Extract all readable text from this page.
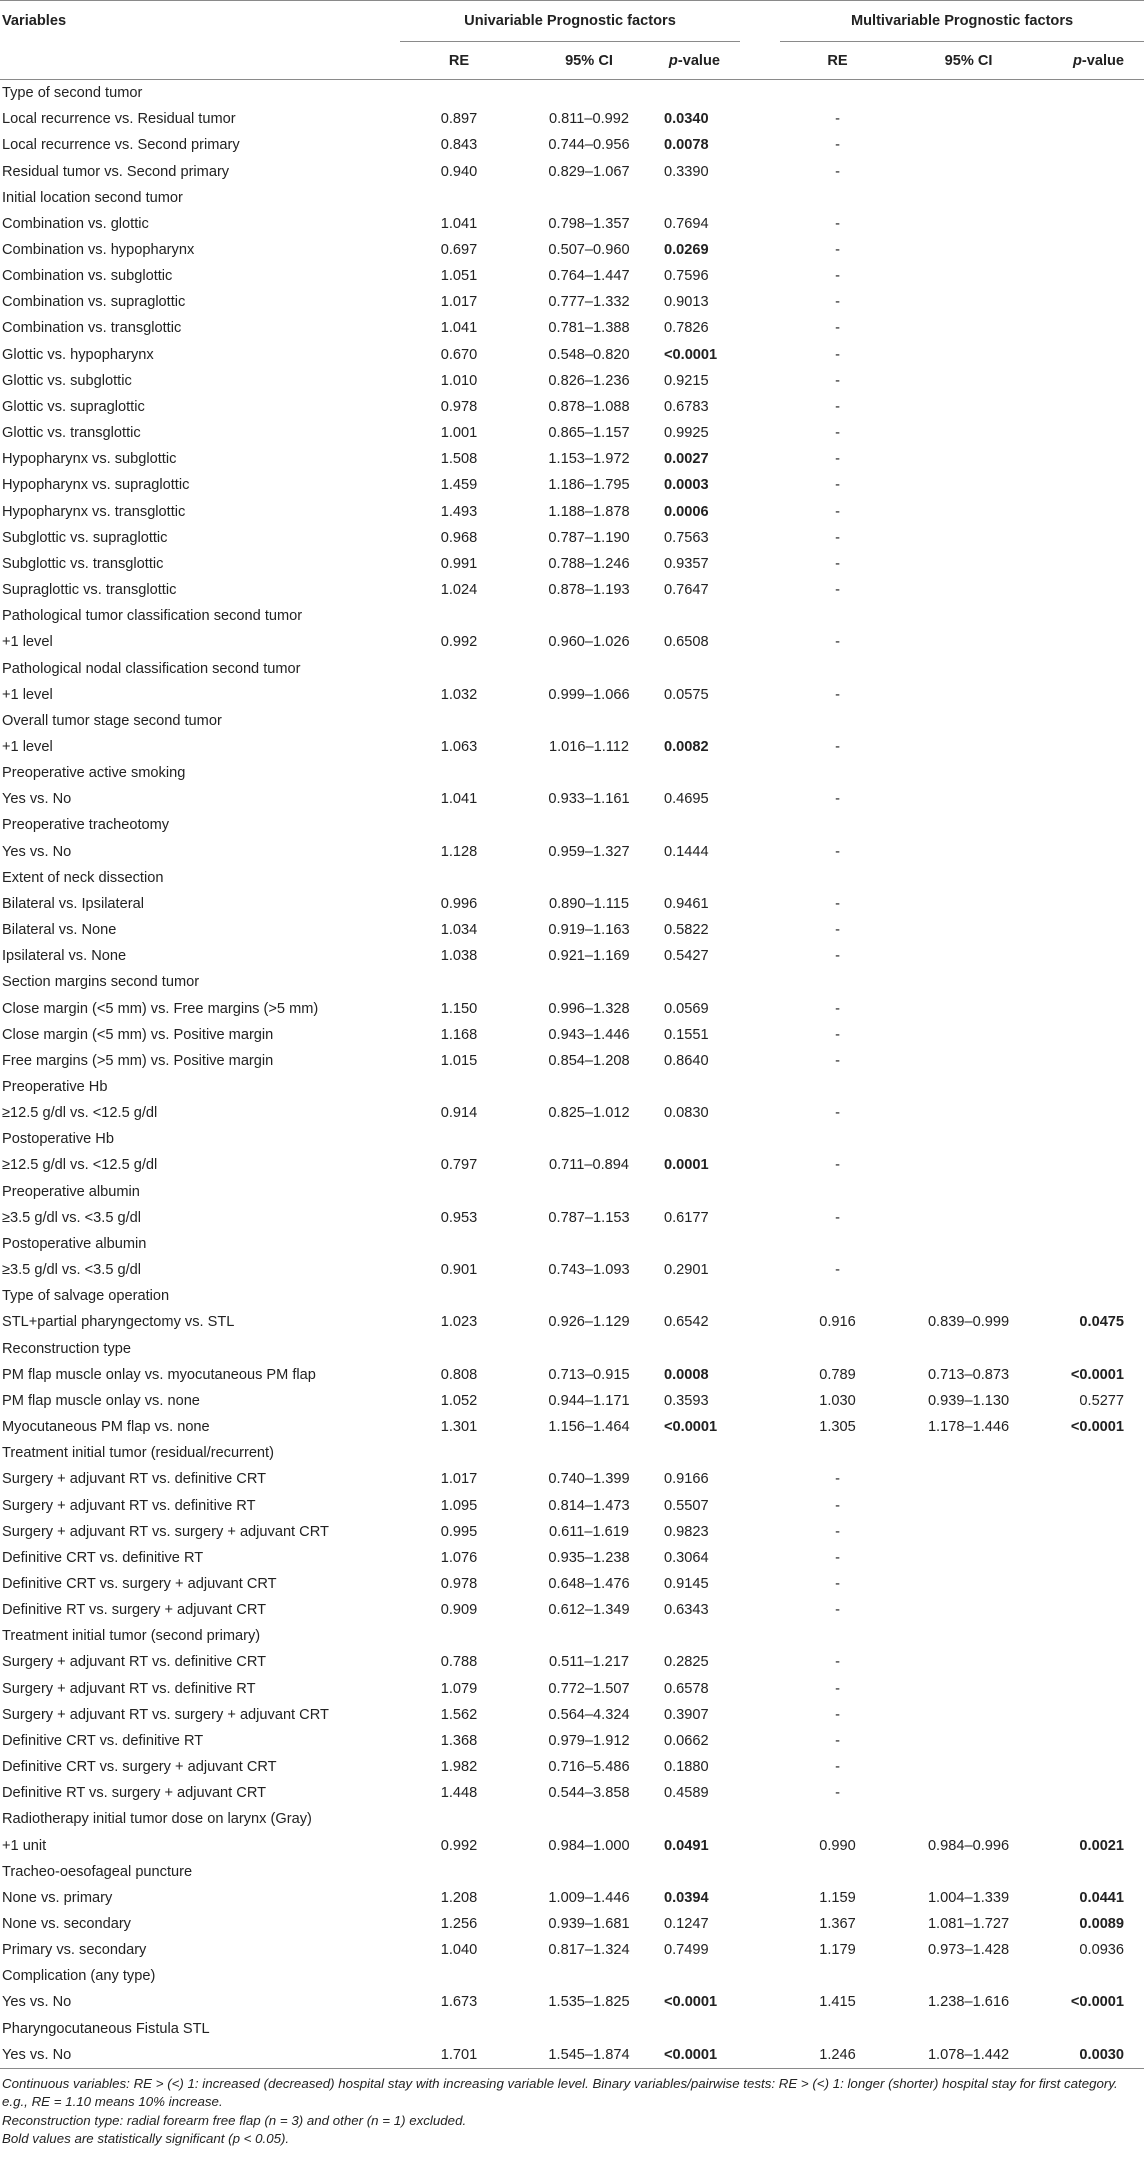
Variables	Univariable Prognostic factors				Multivariable Prognostic factors		
	RE	95% CI	p-value		RE	95% CI	p-value
Type of second tumor							
Local recurrence vs. Residual tumor	0.897	0.811–0.992	0.0340		-		
Local recurrence vs. Second primary	0.843	0.744–0.956	0.0078		-		
Residual tumor vs. Second primary	0.940	0.829–1.067	0.3390		-		
Initial location second tumor							
Combination vs. glottic	1.041	0.798–1.357	0.7694		-		
Combination vs. hypopharynx	0.697	0.507–0.960	0.0269		-		
Combination vs. subglottic	1.051	0.764–1.447	0.7596		-		
Combination vs. supraglottic	1.017	0.777–1.332	0.9013		-		
Combination vs. transglottic	1.041	0.781–1.388	0.7826		-		
Glottic vs. hypopharynx	0.670	0.548–0.820	<0.0001		-		
Glottic vs. subglottic	1.010	0.826–1.236	0.9215		-		
Glottic vs. supraglottic	0.978	0.878–1.088	0.6783		-		
Glottic vs. transglottic	1.001	0.865–1.157	0.9925		-		
Hypopharynx vs. subglottic	1.508	1.153–1.972	0.0027		-		
Hypopharynx vs. supraglottic	1.459	1.186–1.795	0.0003		-		
Hypopharynx vs. transglottic	1.493	1.188–1.878	0.0006		-		
Subglottic vs. supraglottic	0.968	0.787–1.190	0.7563		-		
Subglottic vs. transglottic	0.991	0.788–1.246	0.9357		-		
Supraglottic vs. transglottic	1.024	0.878–1.193	0.7647		-		
Pathological tumor classification second tumor							
+1 level	0.992	0.960–1.026	0.6508		-		
Pathological nodal classification second tumor							
+1 level	1.032	0.999–1.066	0.0575		-		
Overall tumor stage second tumor							
+1 level	1.063	1.016–1.112	0.0082		-		
Preoperative active smoking							
Yes vs. No	1.041	0.933–1.161	0.4695		-		
Preoperative tracheotomy							
Yes vs. No	1.128	0.959–1.327	0.1444		-		
Extent of neck dissection							
Bilateral vs. Ipsilateral	0.996	0.890–1.115	0.9461		-		
Bilateral vs. None	1.034	0.919–1.163	0.5822		-		
Ipsilateral vs. None	1.038	0.921–1.169	0.5427		-		
Section margins second tumor							
Close margin (<5 mm) vs. Free margins (>5 mm)	1.150	0.996–1.328	0.0569		-		
Close margin (<5 mm) vs. Positive margin	1.168	0.943–1.446	0.1551		-		
Free margins (>5 mm) vs. Positive margin	1.015	0.854–1.208	0.8640		-		
Preoperative Hb							
≥12.5 g/dl vs. <12.5 g/dl	0.914	0.825–1.012	0.0830		-		
Postoperative Hb							
≥12.5 g/dl vs. <12.5 g/dl	0.797	0.711–0.894	0.0001		-		
Preoperative albumin							
≥3.5 g/dl vs. <3.5 g/dl	0.953	0.787–1.153	0.6177		-		
Postoperative albumin							
≥3.5 g/dl vs. <3.5 g/dl	0.901	0.743–1.093	0.2901		-		
Type of salvage operation							
STL+partial pharyngectomy vs. STL	1.023	0.926–1.129	0.6542		0.916	0.839–0.999	0.0475
Reconstruction type							
PM flap muscle onlay vs. myocutaneous PM flap	0.808	0.713–0.915	0.0008		0.789	0.713–0.873	<0.0001
PM flap muscle onlay vs. none	1.052	0.944–1.171	0.3593		1.030	0.939–1.130	0.5277
Myocutaneous PM flap vs. none	1.301	1.156–1.464	<0.0001		1.305	1.178–1.446	<0.0001
Treatment initial tumor (residual/recurrent)							
Surgery + adjuvant RT vs. definitive CRT	1.017	0.740–1.399	0.9166		-		
Surgery + adjuvant RT vs. definitive RT	1.095	0.814–1.473	0.5507		-		
Surgery + adjuvant RT vs. surgery + adjuvant CRT	0.995	0.611–1.619	0.9823		-		
Definitive CRT vs. definitive RT	1.076	0.935–1.238	0.3064		-		
Definitive CRT vs. surgery + adjuvant CRT	0.978	0.648–1.476	0.9145		-		
Definitive RT vs. surgery + adjuvant CRT	0.909	0.612–1.349	0.6343		-		
Treatment initial tumor (second primary)							
Surgery + adjuvant RT vs. definitive CRT	0.788	0.511–1.217	0.2825		-		
Surgery + adjuvant RT vs. definitive RT	1.079	0.772–1.507	0.6578		-		
Surgery + adjuvant RT vs. surgery + adjuvant CRT	1.562	0.564–4.324	0.3907		-		
Definitive CRT vs. definitive RT	1.368	0.979–1.912	0.0662		-		
Definitive CRT vs. surgery + adjuvant CRT	1.982	0.716–5.486	0.1880		-		
Definitive RT vs. surgery + adjuvant CRT	1.448	0.544–3.858	0.4589		-		
Radiotherapy initial tumor dose on larynx (Gray)							
+1 unit	0.992	0.984–1.000	0.0491		0.990	0.984–0.996	0.0021
Tracheo-oesofageal puncture							
None vs. primary	1.208	1.009–1.446	0.0394		1.159	1.004–1.339	0.0441
None vs. secondary	1.256	0.939–1.681	0.1247		1.367	1.081–1.727	0.0089
Primary vs. secondary	1.040	0.817–1.324	0.7499		1.179	0.973–1.428	0.0936
Complication (any type)							
Yes vs. No	1.673	1.535–1.825	<0.0001		1.415	1.238–1.616	<0.0001
Pharyngocutaneous Fistula STL							
Yes vs. No	1.701	1.545–1.874	<0.0001		1.246	1.078–1.442	0.0030
Continuous variables: RE > (<) 1: increased (decreased) hospital stay with increasing variable level. Binary variables/pairwise tests: RE > (<) 1: longer (shorter) hospital stay for first category.
e.g., RE = 1.10 means 10% increase.
Reconstruction type: radial forearm free flap (n = 3) and other (n = 1) excluded.
Bold values are statistically significant (p < 0.05).
